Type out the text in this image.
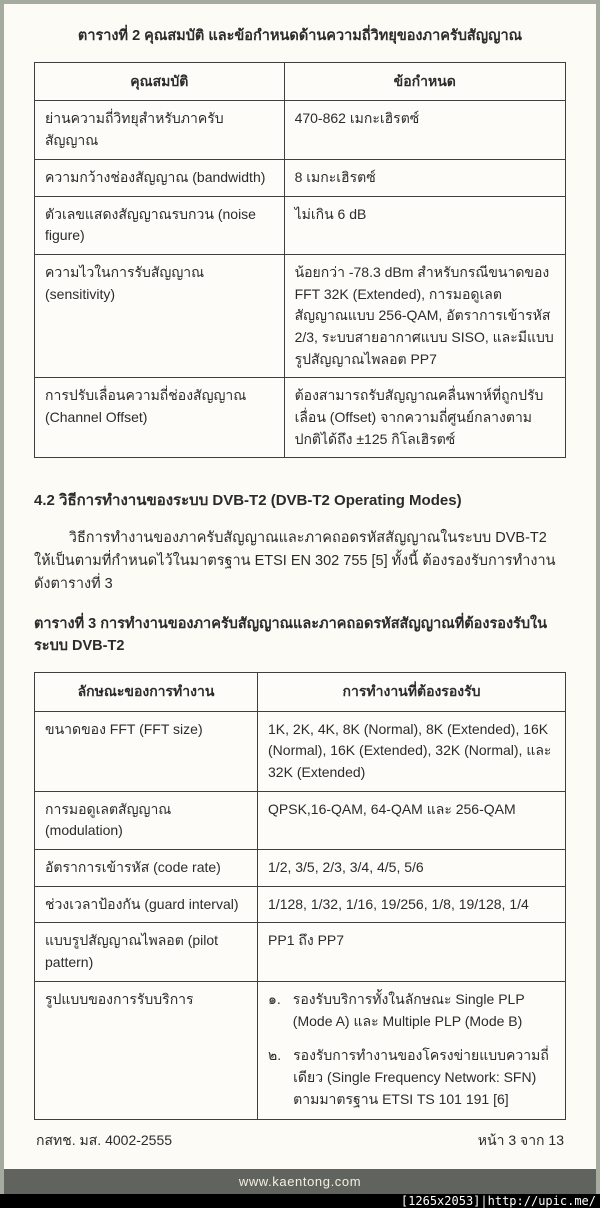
ตารางที่ 2 คุณสมบัติ และข้อกำหนดด้านความถี่วิทยุของภาครับสัญญาณ
คุณสมบัติ	ข้อกำหนด
ย่านความถี่วิทยุสำหรับภาครับสัญญาณ	470-862 เมกะเฮิรตซ์
ความกว้างช่องสัญญาณ (bandwidth)	8 เมกะเฮิรตซ์
ตัวเลขแสดงสัญญาณรบกวน (noise figure)	ไม่เกิน 6 dB
ความไวในการรับสัญญาณ (sensitivity)	น้อยกว่า -78.3 dBm สำหรับกรณีขนาดของ FFT 32K (Extended), การมอดูเลตสัญญาณแบบ 256-QAM, อัตราการเข้ารหัส 2/3, ระบบสายอากาศแบบ SISO, และมีแบบรูปสัญญาณไพลอต PP7
การปรับเลื่อนความถี่ช่องสัญญาณ (Channel Offset)	ต้องสามารถรับสัญญาณคลื่นพาห์ที่ถูกปรับเลื่อน (Offset) จากความถี่ศูนย์กลางตามปกติได้ถึง ±125 กิโลเฮิรตซ์
4.2 วิธีการทำงานของระบบ DVB-T2 (DVB-T2 Operating Modes)
วิธีการทำงานของภาครับสัญญาณและภาคถอดรหัสสัญญาณในระบบ DVB-T2 ให้เป็นตามที่กำหนดไว้ในมาตรฐาน ETSI EN 302 755 [5] ทั้งนี้ ต้องรองรับการทำงานดังตารางที่ 3
ตารางที่ 3 การทำงานของภาครับสัญญาณและภาคถอดรหัสสัญญาณที่ต้องรองรับในระบบ DVB-T2
ลักษณะของการทำงาน	การทำงานที่ต้องรองรับ
ขนาดของ FFT (FFT size)	1K, 2K, 4K, 8K (Normal), 8K (Extended), 16K (Normal), 16K (Extended), 32K (Normal), และ 32K (Extended)
การมอดูเลตสัญญาณ (modulation)	QPSK,16-QAM, 64-QAM และ 256-QAM
อัตราการเข้ารหัส (code rate)	1/2, 3/5, 2/3, 3/4, 4/5, 5/6
ช่วงเวลาป้องกัน (guard interval)	1/128, 1/32, 1/16, 19/256, 1/8, 19/128, 1/4
แบบรูปสัญญาณไพลอต (pilot pattern)	PP1 ถึง PP7
รูปแบบของการรับบริการ	๑. รองรับบริการทั้งในลักษณะ Single PLP (Mode A) และ Multiple PLP (Mode B)
๒. รองรับการทำงานของโครงข่ายแบบความถี่เดียว (Single Frequency Network: SFN) ตามมาตรฐาน ETSI TS 101 191 [6]
กสทช. มส. 4002-2555	หน้า 3 จาก 13
www.kaentong.com
[1265x2053]|http://upic.me/
